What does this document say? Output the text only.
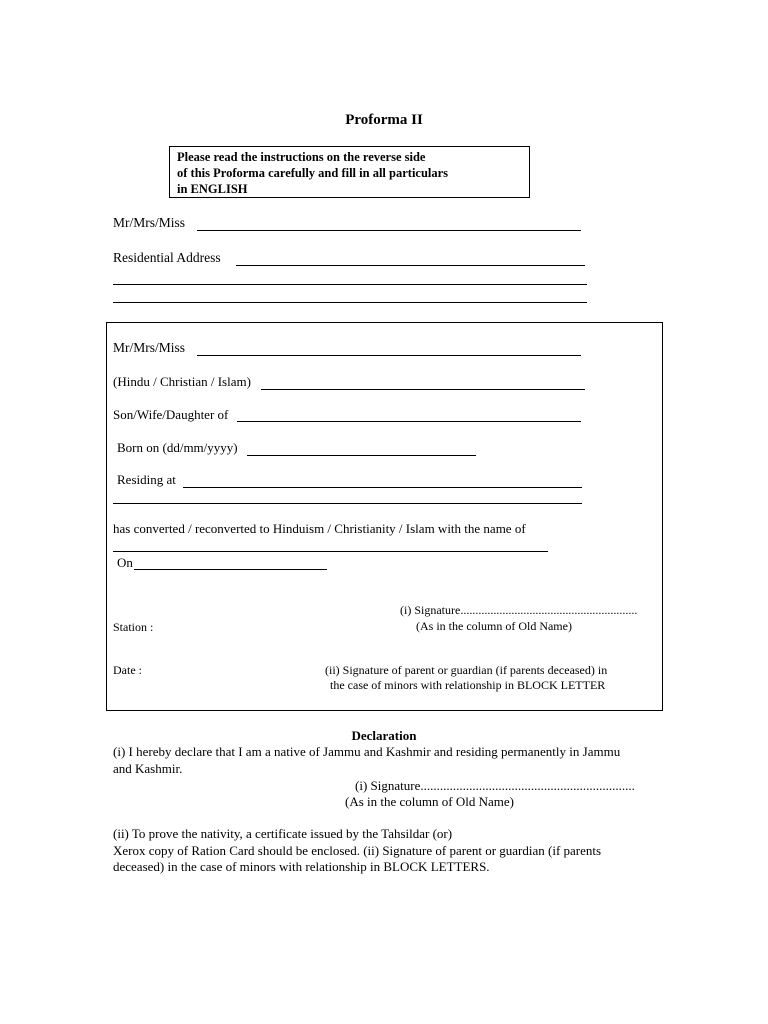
Proforma II
Please read the instructions on the reverse side
of this Proforma carefully and fill in all particulars
in ENGLISH
Mr/Mrs/Miss
Residential Address
Mr/Mrs/Miss
(Hindu / Christian / Islam)
Son/Wife/Daughter of
Born on (dd/mm/yyyy)
Residing at
has converted / reconverted to Hinduism / Christianity / Islam with the name of
On
(i) Signature...........................................................
(As in the column of Old Name)
Station :
Date :	(ii) Signature of parent or guardian (if parents deceased) in
the case of minors with relationship in BLOCK LETTER
Declaration
(i) I hereby declare that I am a native of Jammu and Kashmir and residing permanently in Jammu
and Kashmir.
(i) Signature..................................................................
(As in the column of Old Name)
(ii) To prove the nativity, a certificate issued by the Tahsildar (or)
Xerox copy of Ration Card should be enclosed. (ii) Signature of parent or guardian (if parents
deceased) in the case of minors with relationship in BLOCK LETTERS.
